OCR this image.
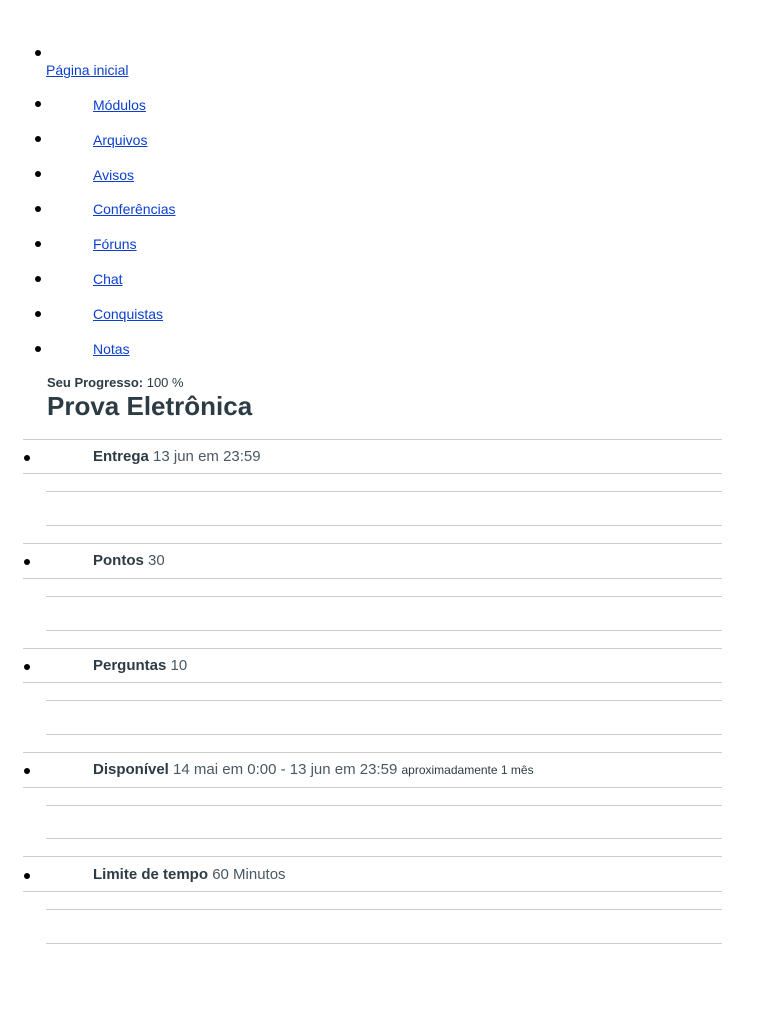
Página inicial
Módulos
Arquivos
Avisos
Conferências
Fóruns
Chat
Conquistas
Notas
Seu Progresso: 100 %
Prova Eletrônica
Entrega 13 jun em 23:59
Pontos 30
Perguntas 10
Disponível 14 mai em 0:00 - 13 jun em 23:59 aproximadamente 1 mês
Limite de tempo 60 Minutos
